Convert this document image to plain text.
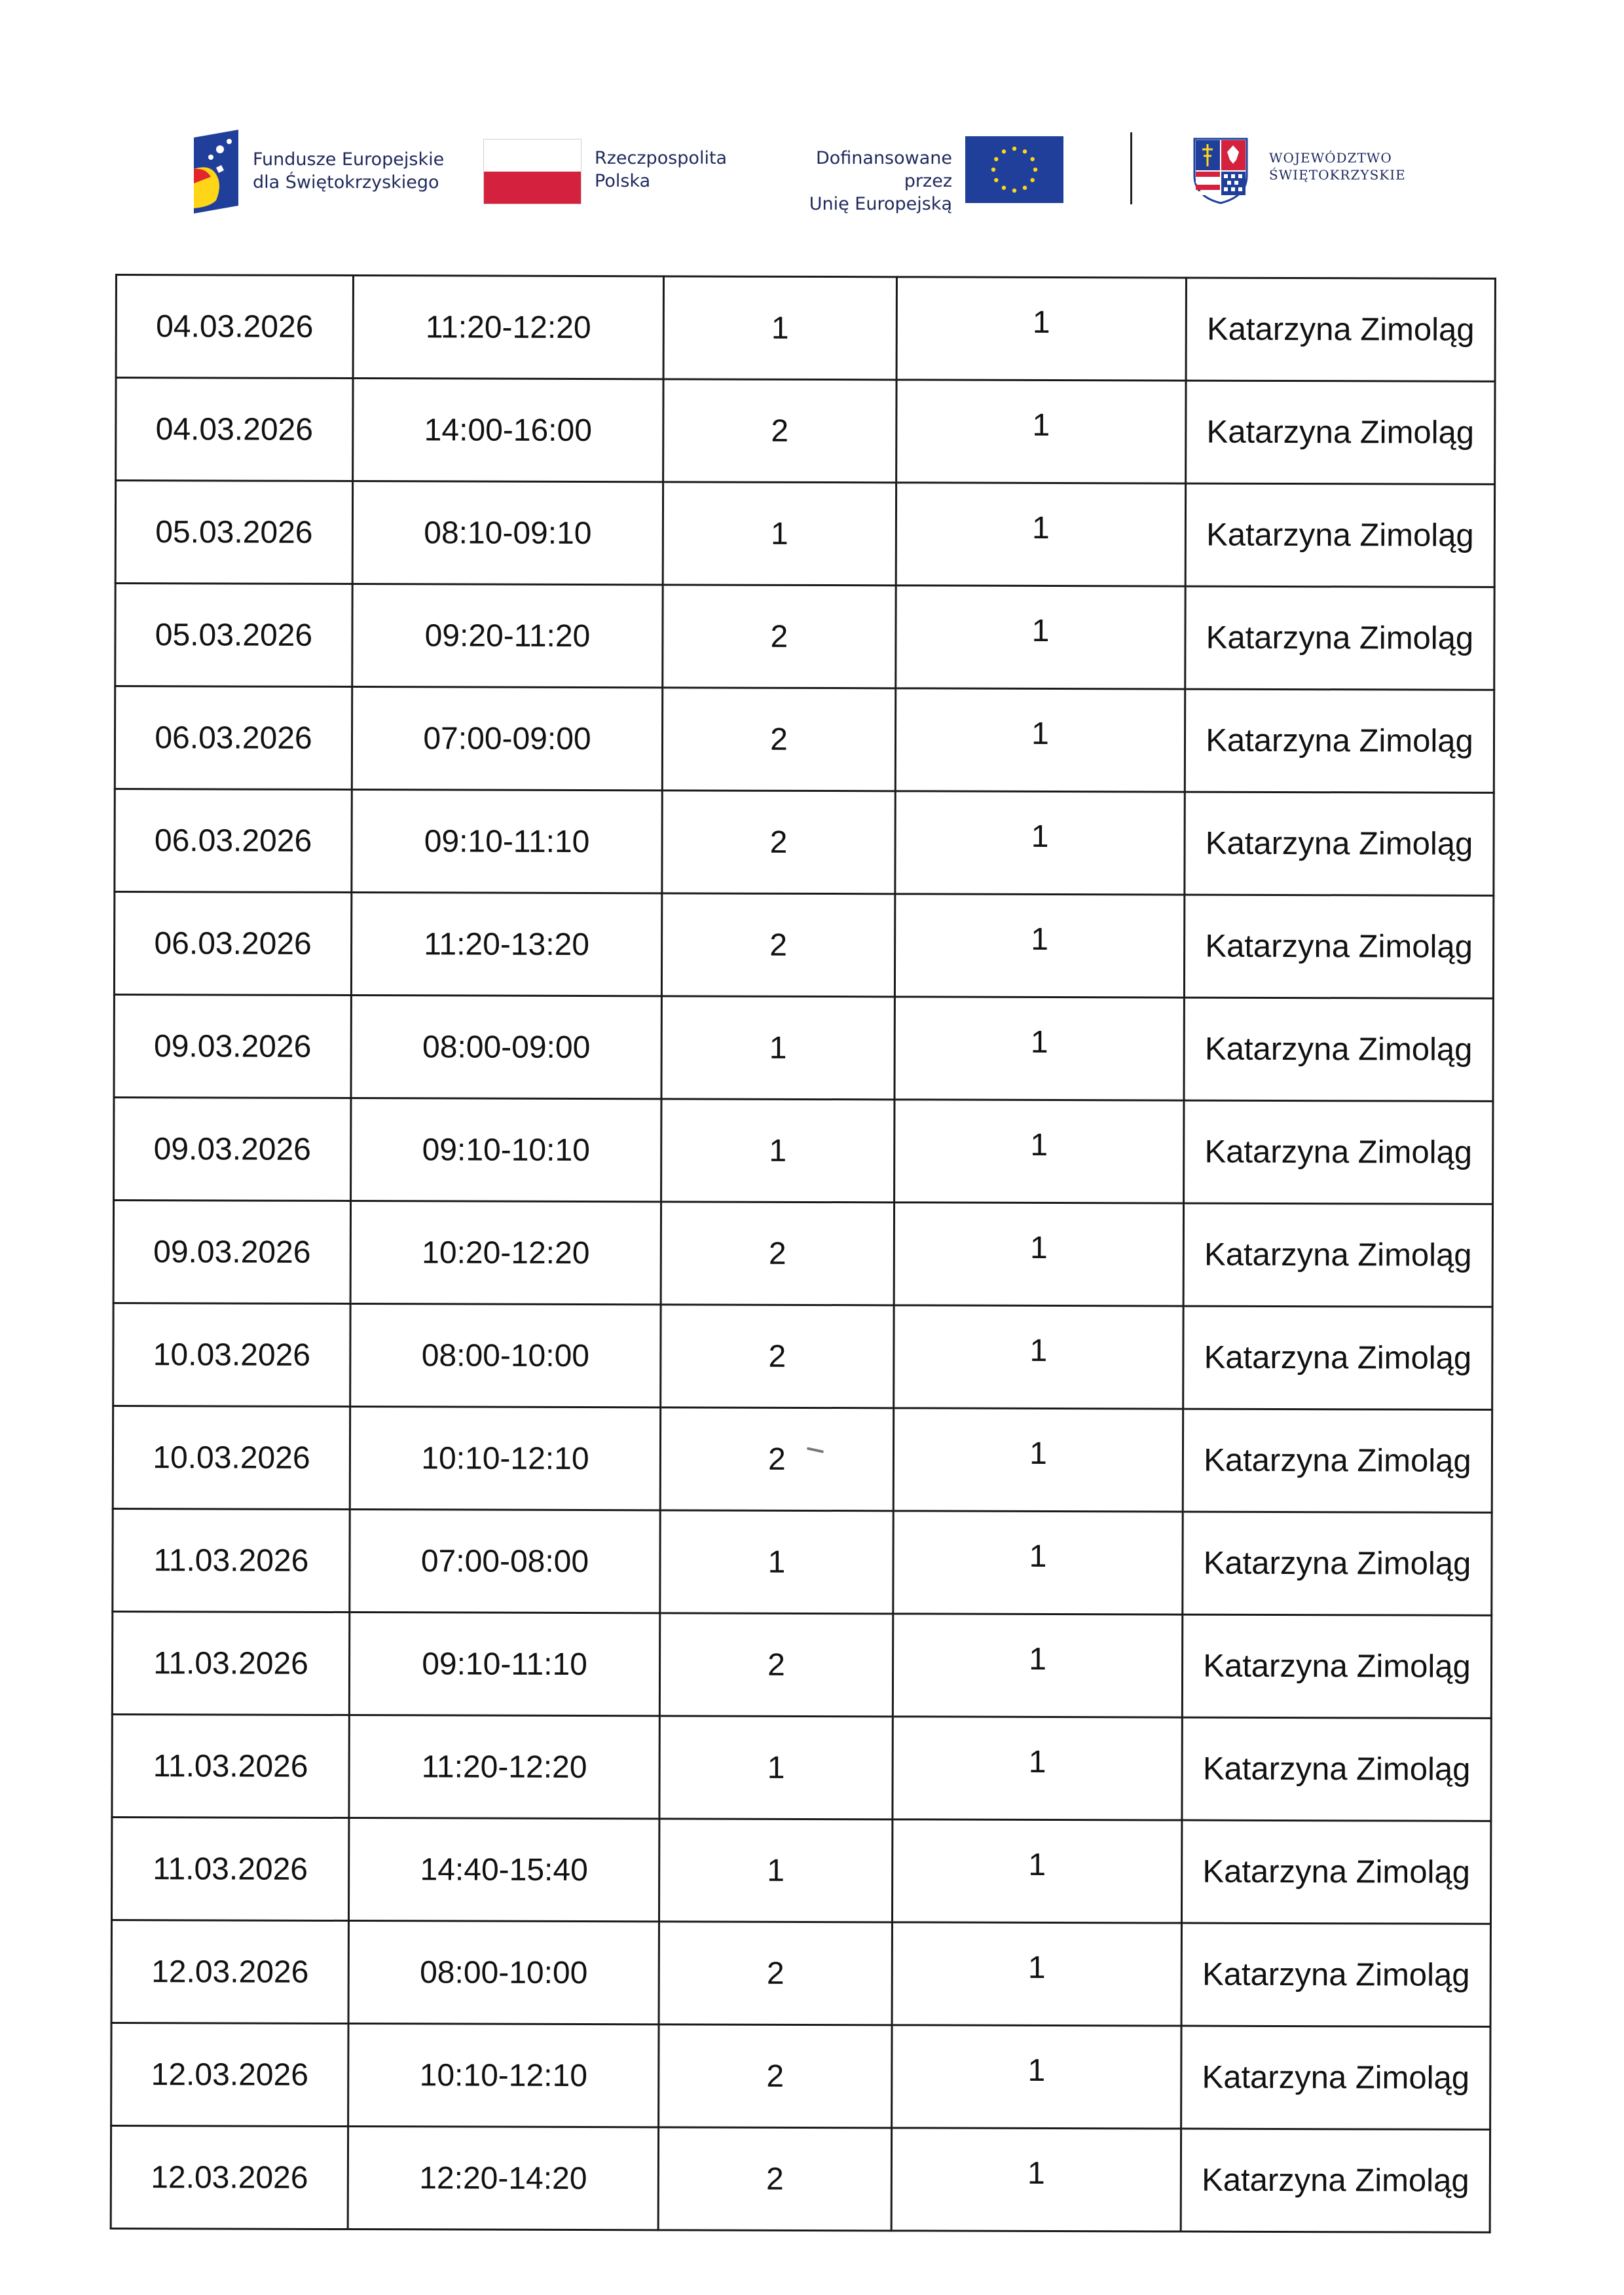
Fundusze Europejskie
dla Świętokrzyskiego
Rzeczpospolita
Polska
Dofinansowane przez
Unię Europejską
WOJEWÓDZTWO
ŚWIĘTOKRZYSKIE
04.03.2026	11:20-12:20	1	1	Katarzyna Zimoląg
04.03.2026	14:00-16:00	2	1	Katarzyna Zimoląg
05.03.2026	08:10-09:10	1	1	Katarzyna Zimoląg
05.03.2026	09:20-11:20	2	1	Katarzyna Zimoląg
06.03.2026	07:00-09:00	2	1	Katarzyna Zimoląg
06.03.2026	09:10-11:10	2	1	Katarzyna Zimoląg
06.03.2026	11:20-13:20	2	1	Katarzyna Zimoląg
09.03.2026	08:00-09:00	1	1	Katarzyna Zimoląg
09.03.2026	09:10-10:10	1	1	Katarzyna Zimoląg
09.03.2026	10:20-12:20	2	1	Katarzyna Zimoląg
10.03.2026	08:00-10:00	2	1	Katarzyna Zimoląg
10.03.2026	10:10-12:10	2	1	Katarzyna Zimoląg
11.03.2026	07:00-08:00	1	1	Katarzyna Zimoląg
11.03.2026	09:10-11:10	2	1	Katarzyna Zimoląg
11.03.2026	11:20-12:20	1	1	Katarzyna Zimoląg
11.03.2026	14:40-15:40	1	1	Katarzyna Zimoląg
12.03.2026	08:00-10:00	2	1	Katarzyna Zimoląg
12.03.2026	10:10-12:10	2	1	Katarzyna Zimoląg
12.03.2026	12:20-14:20	2	1	Katarzyna Zimoląg
